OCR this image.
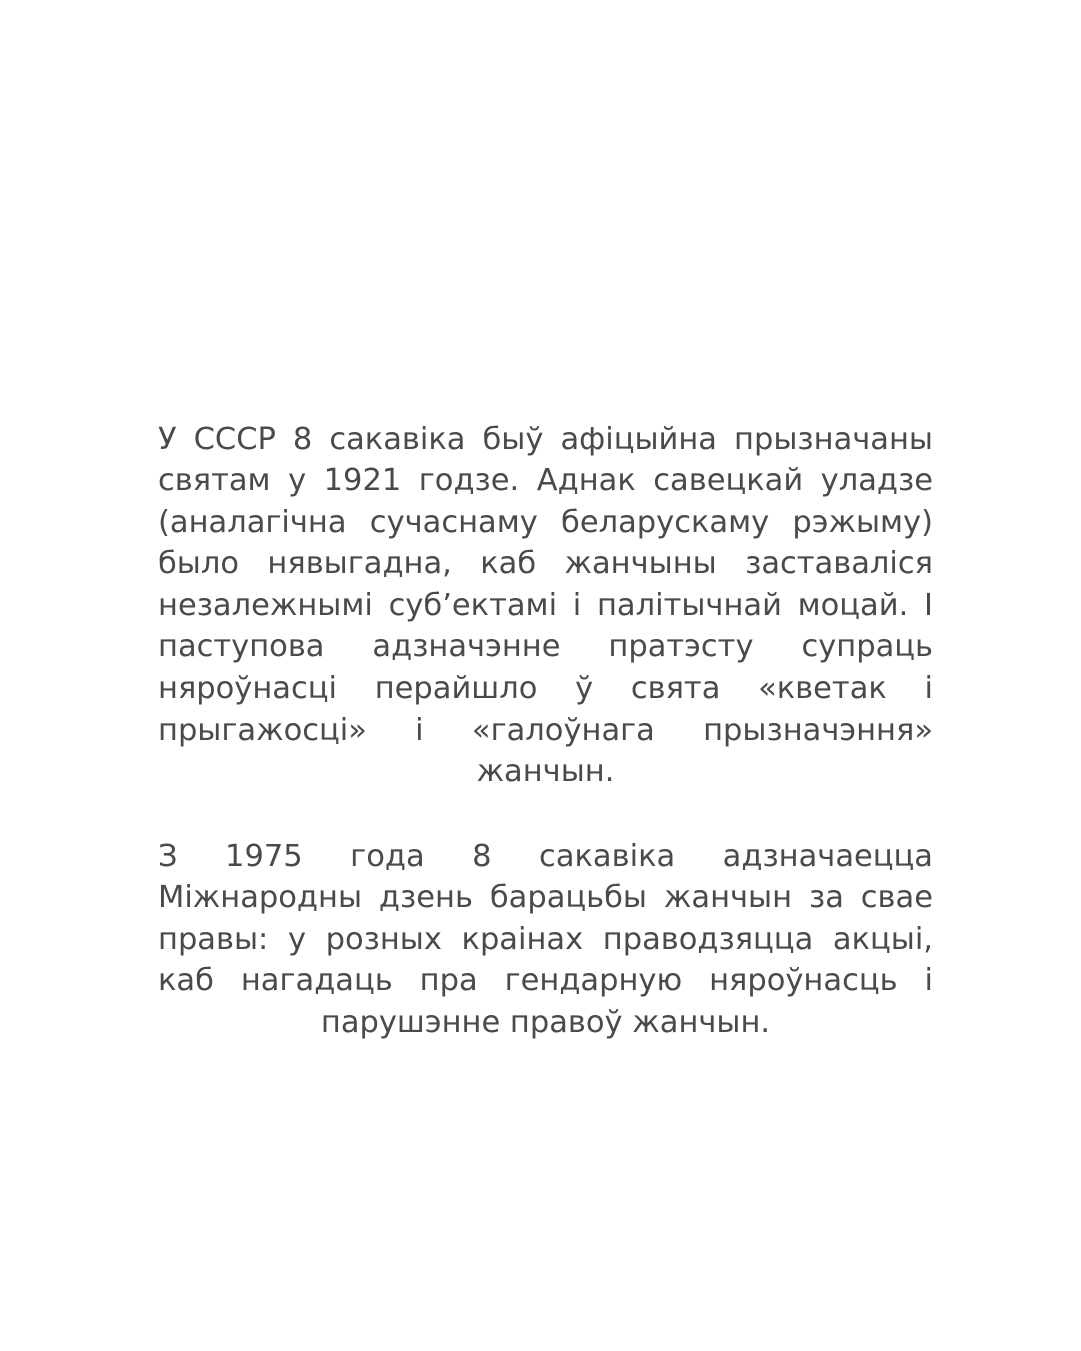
У СССР 8 сакавіка быў афіцыйна прызначаны святам у 1921 годзе. Аднак савецкай уладзе (аналагічна сучаснаму беларускаму рэжыму) было нявыгадна, каб жанчыны заставаліся незалежнымі суб’ектамі і палітычнай моцай. І паступова адзначэнне пратэсту супраць няроўнасці перайшло ў свята «кветак і прыгажосці» і «галоўнага прызначэння» жанчын.

З 1975 года 8 сакавіка адзначаецца Міжнародны дзень барацьбы жанчын за свае правы: у розных краінах праводзяцца акцыі, каб нагадаць пра гендарную няроўнасць і парушэнне правоў жанчын.
